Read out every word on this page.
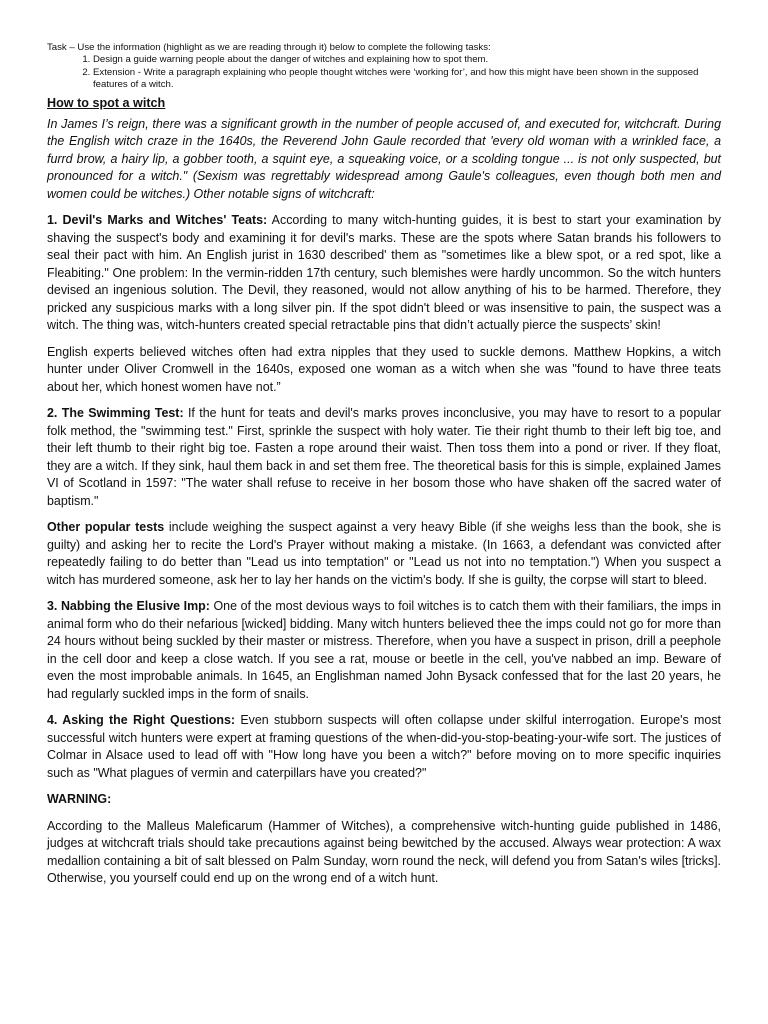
Task – Use the information (highlight as we are reading through it) below to complete the following tasks:
1. Design a guide warning people about the danger of witches and explaining how to spot them.
2. Extension - Write a paragraph explaining who people thought witches were ‘working for’, and how this might have been shown in the supposed features of a witch.
How to spot a witch

In James I’s reign, there was a significant growth in the number of people accused of, and executed for, witchcraft. During the English witch craze in the 1640s, the Reverend John Gaule recorded that 'every old woman with a wrinkled face, a furrd brow, a hairy lip, a gobber tooth, a squint eye, a squeaking voice, or a scolding tongue ... is not only suspected, but pronounced for a witch." (Sexism was regrettably widespread among Gaule's colleagues, even though both men and women could be witches.) Other notable signs of witchcraft:

1. Devil's Marks and Witches' Teats: According to many witch-hunting guides, it is best to start your examination by shaving the suspect's body and examining it for devil's marks. These are the spots where Satan brands his followers to seal their pact with him. An English jurist in 1630 described' them as "sometimes like a blew spot, or a red spot, like a Fleabiting." One problem: In the vermin-ridden 17th century, such blemishes were hardly uncommon. So the witch hunters devised an ingenious solution. The Devil, they reasoned, would not allow anything of his to be harmed. Therefore, they pricked any suspicious marks with a long silver pin. If the spot didn't bleed or was insensitive to pain, the suspect was a witch. The thing was, witch-hunters created special retractable pins that didn’t actually pierce the suspects’ skin!

English experts believed witches often had extra nipples that they used to suckle demons. Matthew Hopkins, a witch hunter under Oliver Cromwell in the 1640s, exposed one woman as a witch when she was "found to have three teats about her, which honest women have not.”

2. The Swimming Test: If the hunt for teats and devil's marks proves inconclusive, you may have to resort to a popular folk method, the "swimming test." First, sprinkle the suspect with holy water. Tie their right thumb to their left big toe, and their left thumb to their right big toe. Fasten a rope around their waist. Then toss them into a pond or river. If they float, they are a witch. If they sink, haul them back in and set them free. The theoretical basis for this is simple, explained James VI of Scotland in 1597: "The water shall refuse to receive in her bosom those who have shaken off the sacred water of baptism."

Other popular tests include weighing the suspect against a very heavy Bible (if she weighs less than the book, she is guilty) and asking her to recite the Lord's Prayer without making a mistake. (In 1663, a defendant was convicted after repeatedly failing to do better than "Lead us into temptation" or "Lead us not into no temptation.") When you suspect a witch has murdered someone, ask her to lay her hands on the victim's body. If she is guilty, the corpse will start to bleed.

3. Nabbing the Elusive Imp: One of the most devious ways to foil witches is to catch them with their familiars, the imps in animal form who do their nefarious [wicked] bidding. Many witch hunters believed thee the imps could not go for more than 24 hours without being suckled by their master or mistress. Therefore, when you have a suspect in prison, drill a peephole in the cell door and keep a close watch. If you see a rat, mouse or beetle in the cell, you've nabbed an imp. Beware of even the most improbable animals. In 1645, an Englishman named John Bysack confessed that for the last 20 years, he had regularly suckled imps in the form of snails.

4. Asking the Right Questions: Even stubborn suspects will often collapse under skilful interrogation. Europe's most successful witch hunters were expert at framing questions of the when-did-you-stop-beating-your-wife sort. The justices of Colmar in Alsace used to lead off with "How long have you been a witch?" before moving on to more specific inquiries such as "What plagues of vermin and caterpillars have you created?"

WARNING:

According to the Malleus Maleficarum (Hammer of Witches), a comprehensive witch-hunting guide published in 1486, judges at witchcraft trials should take precautions against being bewitched by the accused. Always wear protection: A wax medallion containing a bit of salt blessed on Palm Sunday, worn round the neck, will defend you from Satan's wiles [tricks]. Otherwise, you yourself could end up on the wrong end of a witch hunt.
